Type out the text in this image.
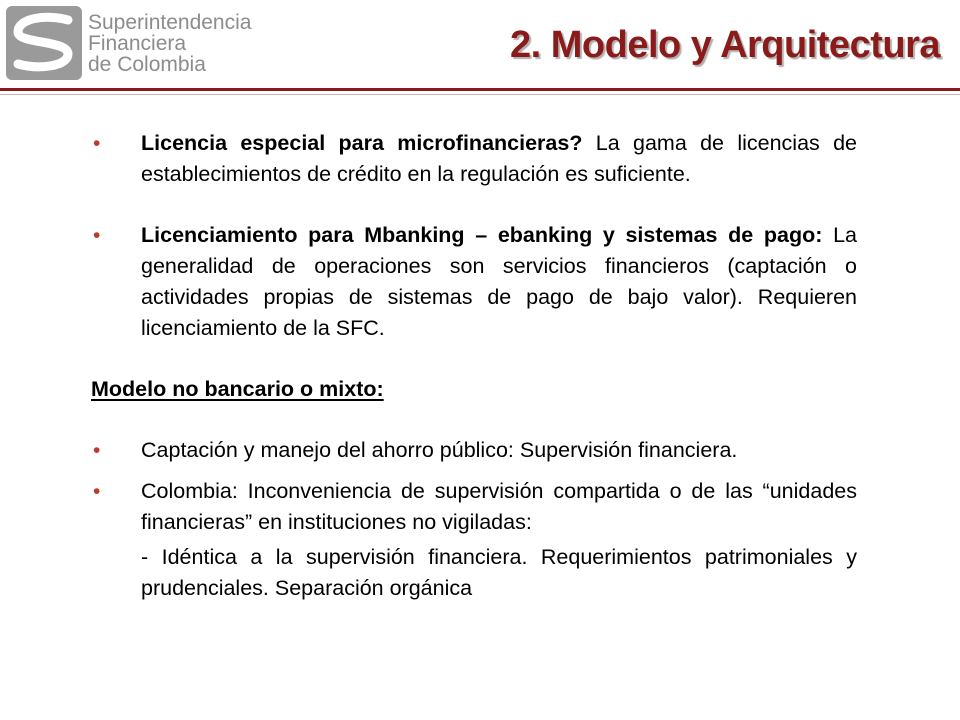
Superintendencia
Financiera
de Colombia	2. Modelo y Arquitectura
• Licencia especial para microfinancieras? La gama de licencias de establecimientos de crédito en la regulación es suficiente.
• Licenciamiento para Mbanking – ebanking y sistemas de pago: La generalidad de operaciones son servicios financieros (captación o actividades propias de sistemas de pago de bajo valor). Requieren licenciamiento de la SFC.
Modelo no bancario o mixto:
• Captación y manejo del ahorro público: Supervisión financiera.
• Colombia: Inconveniencia de supervisión compartida o de las “unidades financieras” en instituciones no vigiladas:
- Idéntica a la supervisión financiera. Requerimientos patrimoniales y prudenciales. Separación orgánica
